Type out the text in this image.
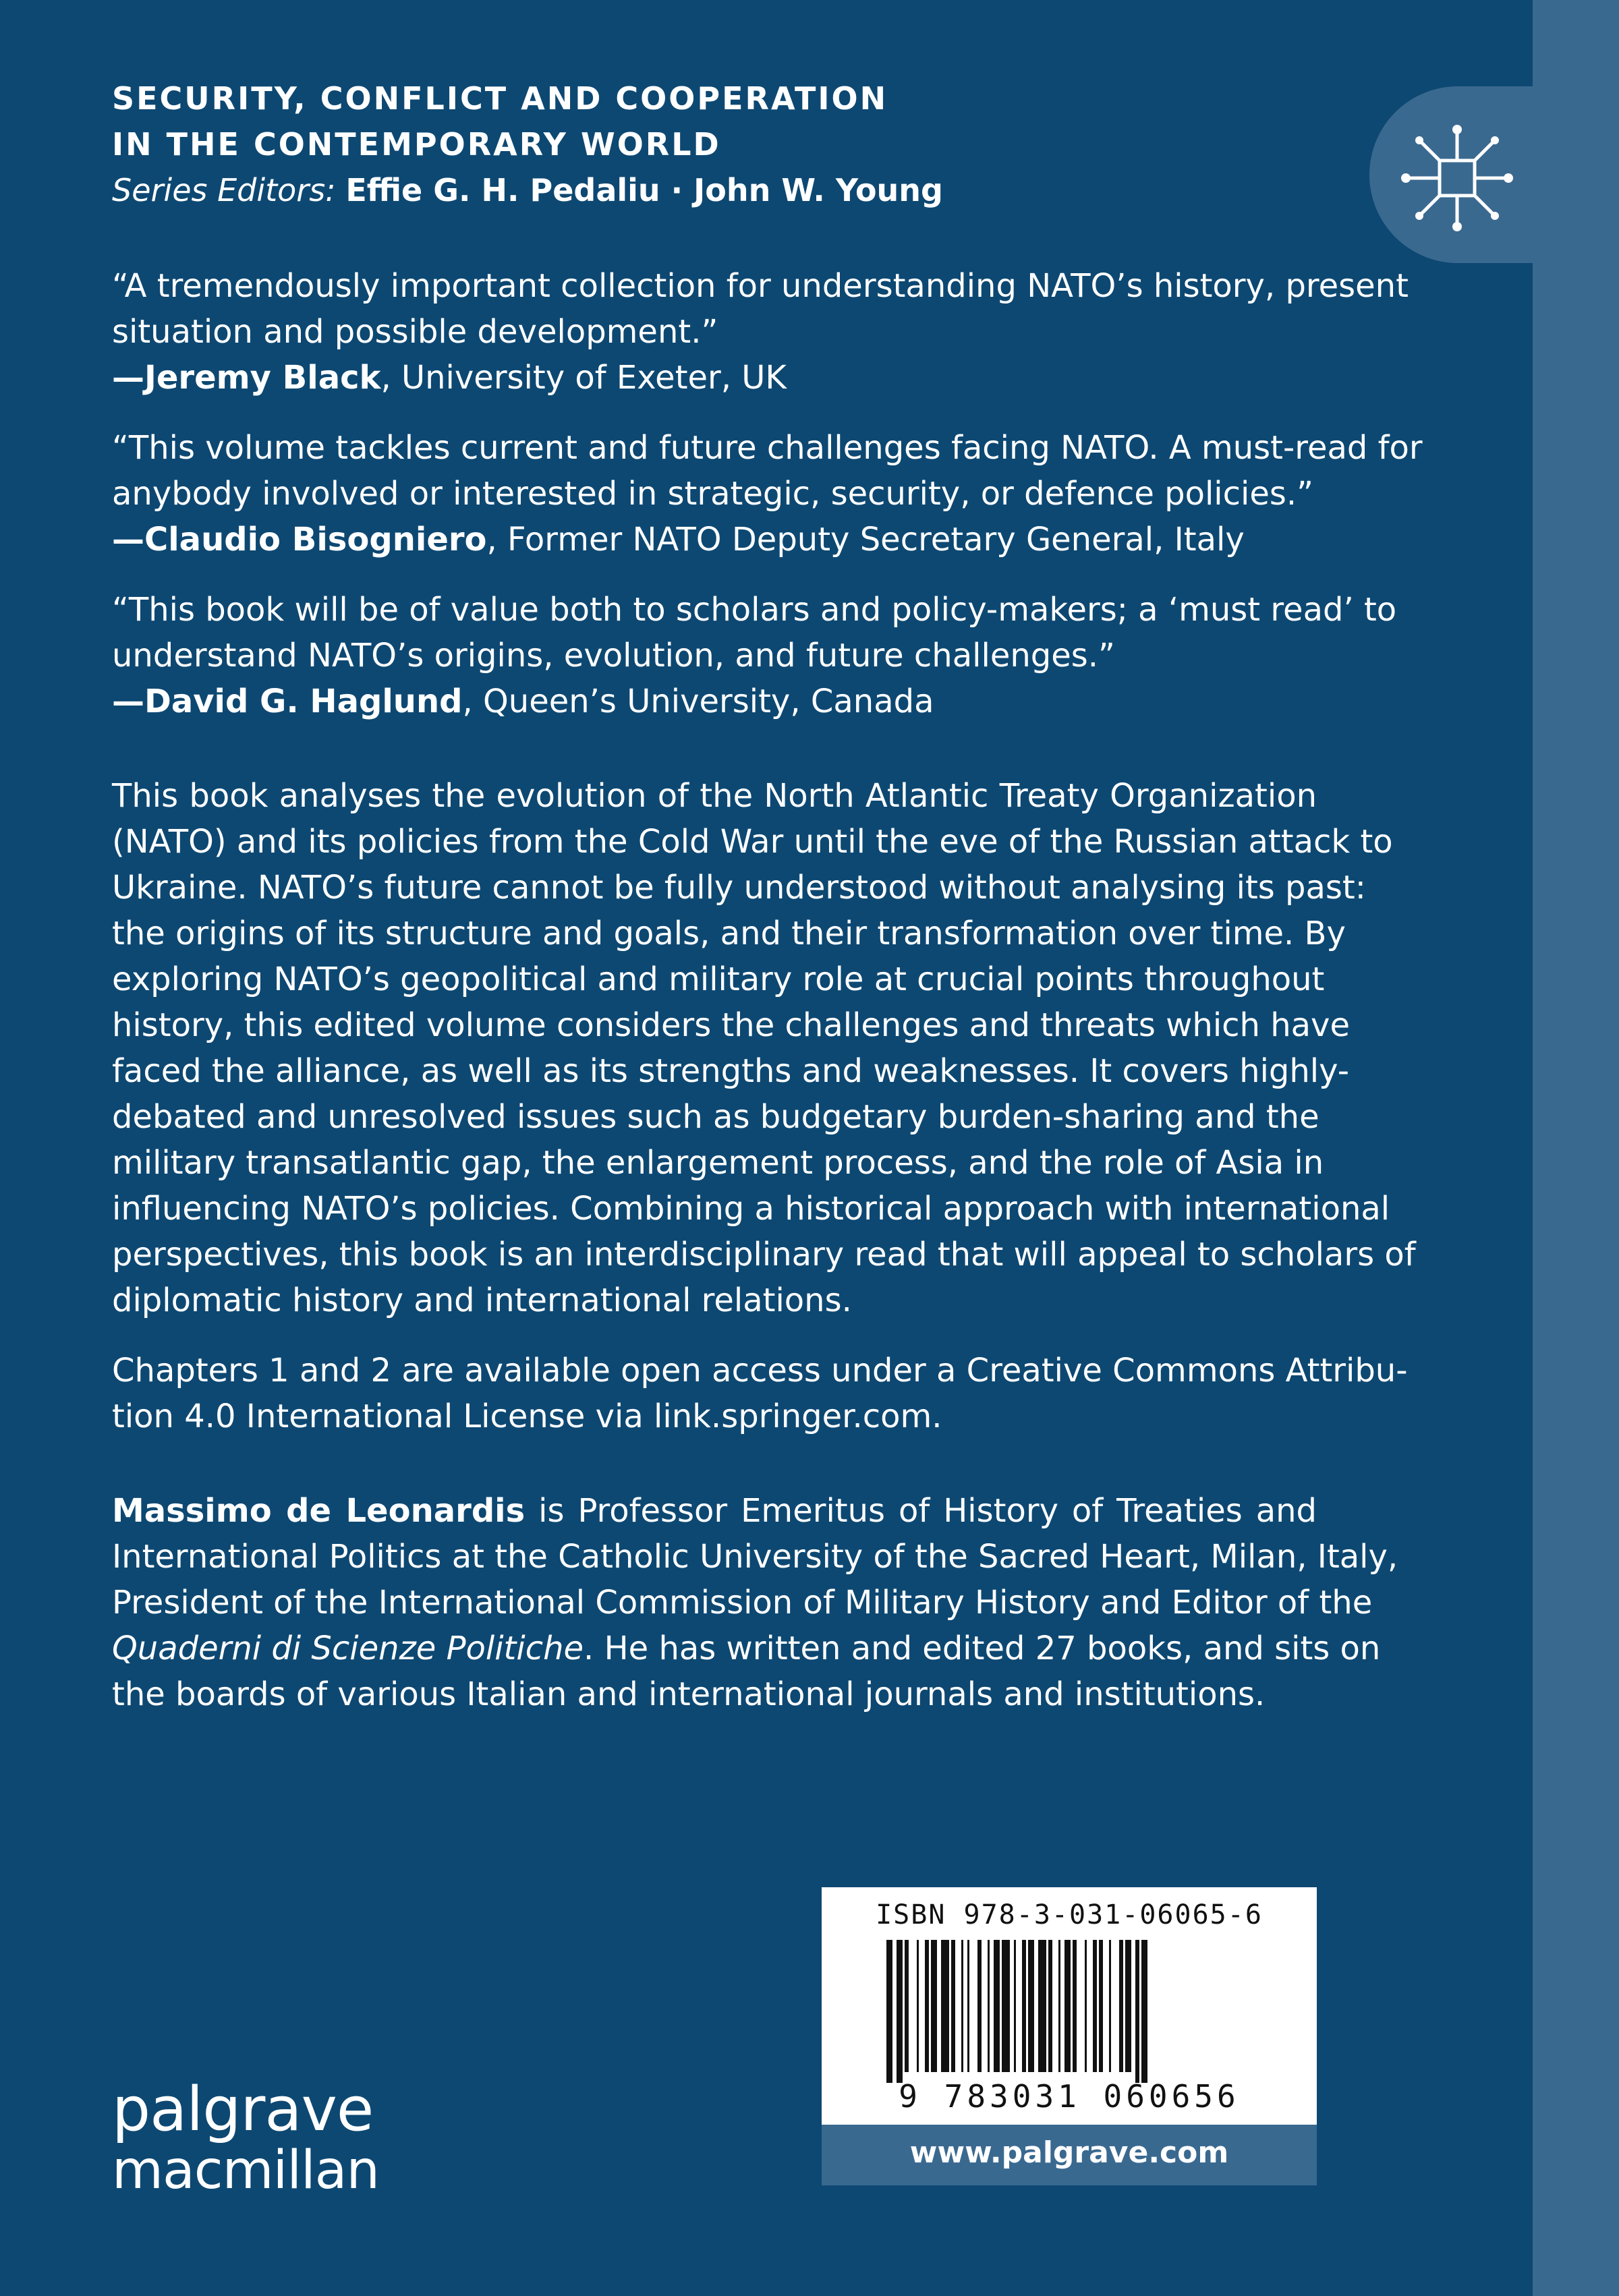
SECURITY, CONFLICT AND COOPERATION
IN THE CONTEMPORARY WORLD
Series Editors: Effie G. H. Pedaliu · John W. Young
“A tremendously important collection for understanding NATO’s history, present
situation and possible development.”
—Jeremy Black, University of Exeter, UK
“This volume tackles current and future challenges facing NATO. A must-read for
anybody involved or interested in strategic, security, or defence policies.”
—Claudio Bisogniero, Former NATO Deputy Secretary General, Italy
“This book will be of value both to scholars and policy-makers; a ‘must read’ to
understand NATO’s origins, evolution, and future challenges.”
—David G. Haglund, Queen’s University, Canada
This book analyses the evolution of the North Atlantic Treaty Organization
(NATO) and its policies from the Cold War until the eve of the Russian attack to
Ukraine. NATO’s future cannot be fully understood without analysing its past:
the origins of its structure and goals, and their transformation over time. By
exploring NATO’s geopolitical and military role at crucial points throughout
history, this edited volume considers the challenges and threats which have
faced the alliance, as well as its strengths and weaknesses. It covers highly-
debated and unresolved issues such as budgetary burden-sharing and the
military transatlantic gap, the enlargement process, and the role of Asia in
influencing NATO’s policies. Combining a historical approach with international
perspectives, this book is an interdisciplinary read that will appeal to scholars of
diplomatic history and international relations.
Chapters 1 and 2 are available open access under a Creative Commons Attribu-
tion 4.0 International License via link.springer.com.
Massimo de Leonardis is Professor Emeritus of History of Treaties and
International Politics at the Catholic University of the Sacred Heart, Milan, Italy,
President of the International Commission of Military History and Editor of the
Quaderni di Scienze Politiche. He has written and edited 27 books, and sits on
the boards of various Italian and international journals and institutions.
palgrave
macmillan
ISBN 978-3-031-06065-6
9 783031 060656
www.palgrave.com
